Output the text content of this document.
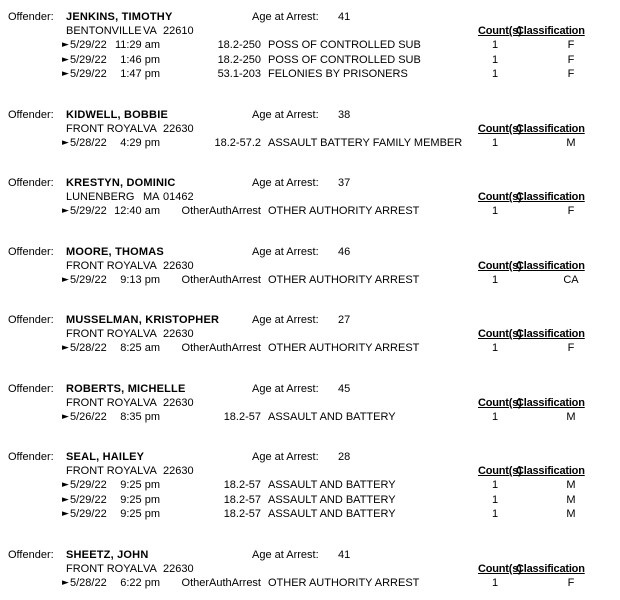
Offender: JENKINS, TIMOTHY	Age at Arrest: 41
BENTONVILLE VA 22610	Count(s)
Classification
► 5/29/22 11:29 am	18.2-250 POSS OF CONTROLLED SUB	1	F
► 5/29/22	1:46 pm	18.2-250 POSS OF CONTROLLED SUB	1	F
► 5/29/22	1:47 pm	53.1-203 FELONIES BY PRISONERS	1	F
Offender: KIDWELL, BOBBIE	Age at Arrest: 38
FRONT ROYAL VA 22630	Count(s)
Classification
► 5/28/22	4:29 pm	18.2-57.2 ASSAULT BATTERY FAMILY MEMBER	1	M
Offender: KRESTYN, DOMINIC	Age at Arrest: 37
LUNENBERG MA 01462	Count(s)
Classification
► 5/29/22 12:40 am	OtherAuthArrest OTHER AUTHORITY ARREST	1	F
Offender: MOORE, THOMAS	Age at Arrest: 46
FRONT ROYAL VA 22630	Count(s)
Classification
► 5/29/22	9:13 pm	OtherAuthArrest OTHER AUTHORITY ARREST	1	CA
Offender: MUSSELMAN, KRISTOPHER	Age at Arrest: 27
FRONT ROYAL VA 22630	Count(s)
Classification
► 5/28/22	8:25 am	OtherAuthArrest OTHER AUTHORITY ARREST	1	F
Offender: ROBERTS, MICHELLE	Age at Arrest: 45
FRONT ROYAL VA 22630	Count(s)
Classification
► 5/26/22	8:35 pm	18.2-57 ASSAULT AND BATTERY	1	M
Offender: SEAL, HAILEY	Age at Arrest: 28
FRONT ROYAL VA 22630	Count(s)
Classification
► 5/29/22	9:25 pm	18.2-57 ASSAULT AND BATTERY	1	M
► 5/29/22	9:25 pm	18.2-57 ASSAULT AND BATTERY	1	M
► 5/29/22	9:25 pm	18.2-57 ASSAULT AND BATTERY	1	M
Offender: SHEETZ, JOHN	Age at Arrest: 41
FRONT ROYAL VA 22630	Count(s)
Classification
► 5/28/22	6:22 pm	OtherAuthArrest OTHER AUTHORITY ARREST	1	F
